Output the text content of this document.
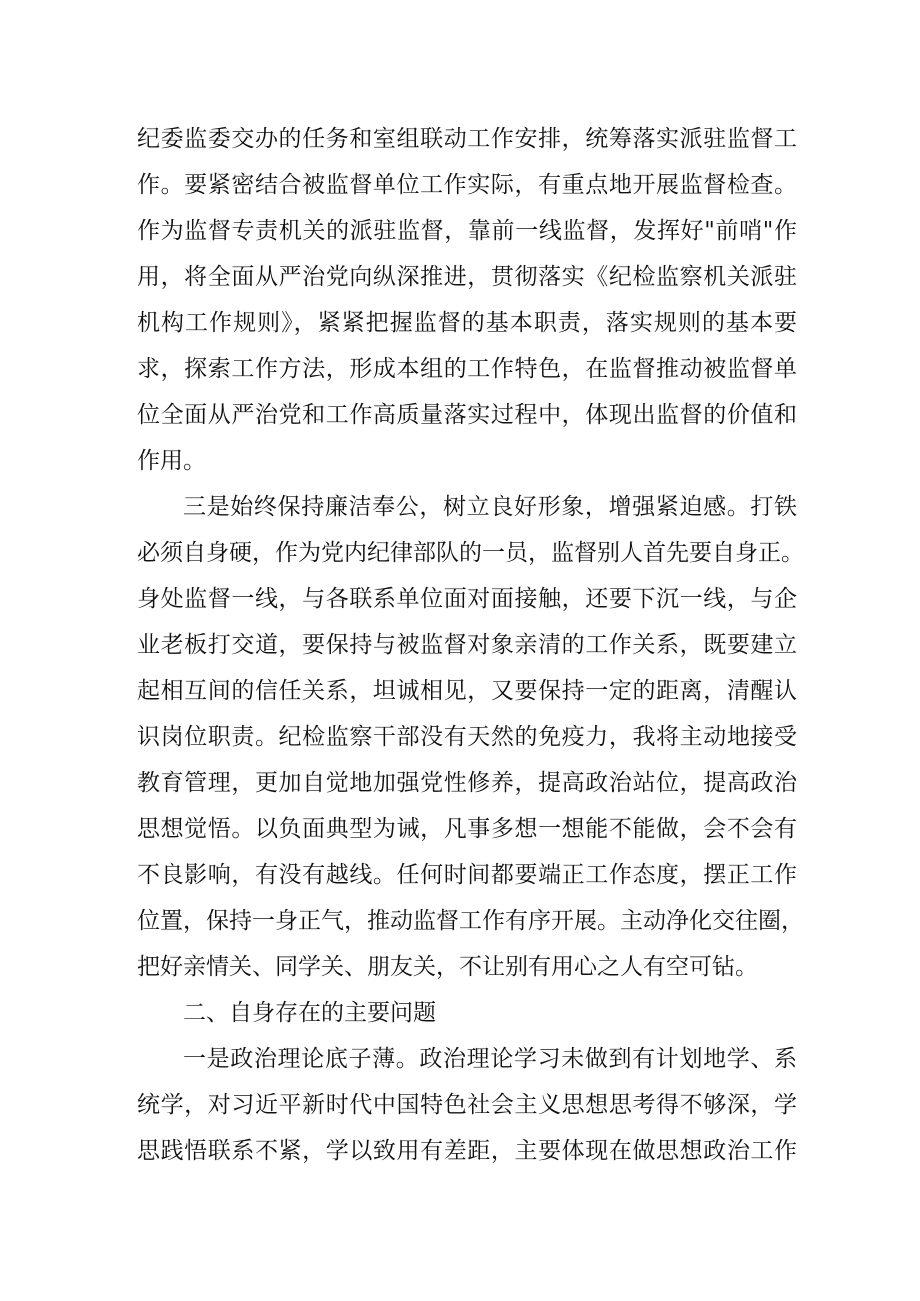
纪委监委交办的任务和室组联动工作安排，统筹落实派驻监督工
作。要紧密结合被监督单位工作实际，有重点地开展监督检查。
作为监督专责机关的派驻监督，靠前一线监督，发挥好"前哨"作
用，将全面从严治党向纵深推进，贯彻落实《纪检监察机关派驻
机构工作规则》，紧紧把握监督的基本职责，落实规则的基本要
求，探索工作方法，形成本组的工作特色，在监督推动被监督单
位全面从严治党和工作高质量落实过程中，体现出监督的价值和
作用。
三是始终保持廉洁奉公，树立良好形象，增强紧迫感。打铁
必须自身硬，作为党内纪律部队的一员，监督别人首先要自身正。
身处监督一线，与各联系单位面对面接触，还要下沉一线，与企
业老板打交道，要保持与被监督对象亲清的工作关系，既要建立
起相互间的信任关系，坦诚相见，又要保持一定的距离，清醒认
识岗位职责。纪检监察干部没有天然的免疫力，我将主动地接受
教育管理，更加自觉地加强党性修养，提高政治站位，提高政治
思想觉悟。以负面典型为诫，凡事多想一想能不能做，会不会有
不良影响，有没有越线。任何时间都要端正工作态度，摆正工作
位置，保持一身正气，推动监督工作有序开展。主动净化交往圈，
把好亲情关、同学关、朋友关，不让别有用心之人有空可钻。
二、自身存在的主要问题
一是政治理论底子薄。政治理论学习未做到有计划地学、系
统学，对习近平新时代中国特色社会主义思想思考得不够深，学
思践悟联系不紧，学以致用有差距，主要体现在做思想政治工作
